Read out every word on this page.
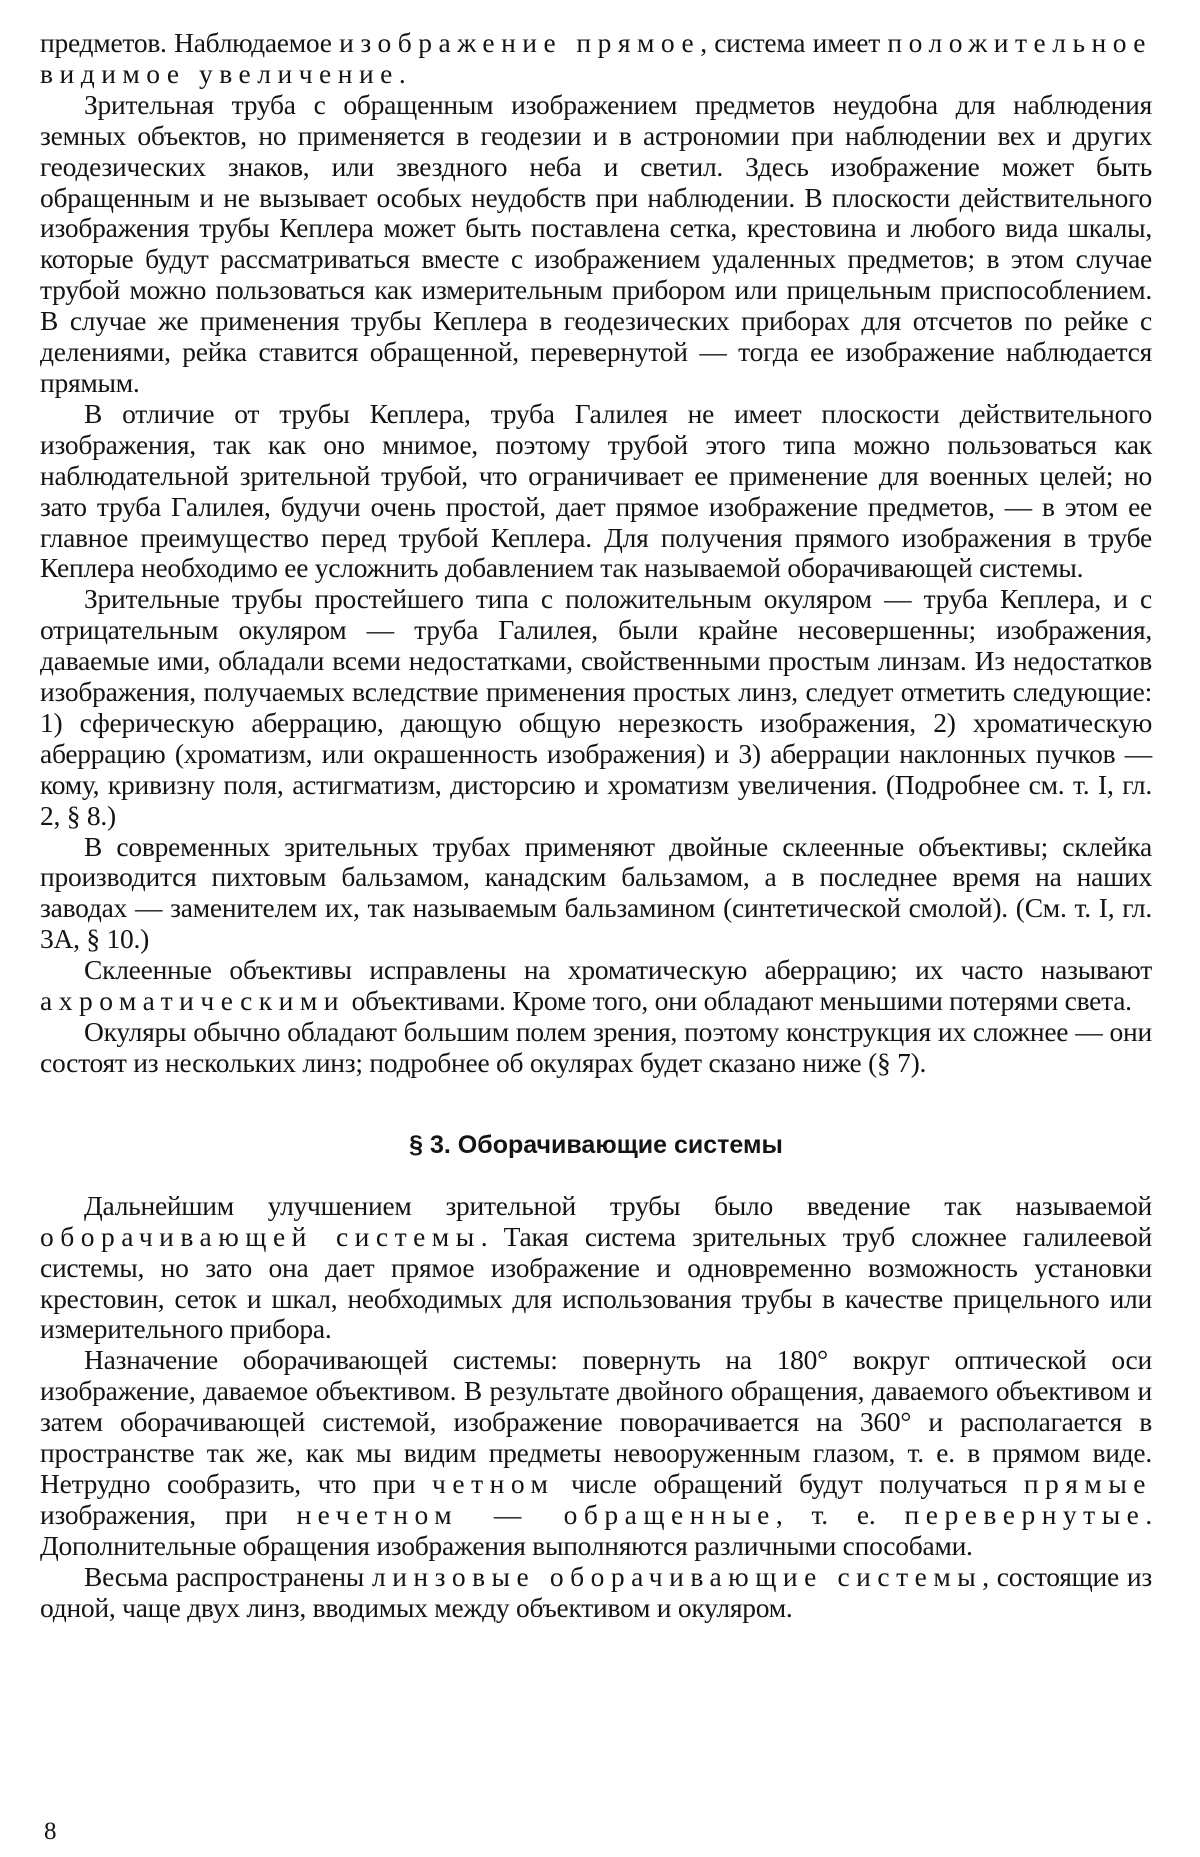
предметов. Наблюдаемое изображение прямое, система имеет положительное видимое увеличение.

Зрительная труба с обращенным изображением предметов неудобна для наблюдения земных объектов, но применяется в геодезии и в астрономии при наблюдении вех и других геодезических знаков, или звездного неба и светил. Здесь изображение может быть обращенным и не вызывает особых неудобств при наблюдении. В плоскости действительного изображения трубы Кеплера может быть поставлена сетка, крестовина и любого вида шкалы, которые будут рассматриваться вместе с изображением удаленных предметов; в этом случае трубой можно пользоваться как измерительным прибором или прицельным приспособлением. В случае же применения трубы Кеплера в геодезических приборах для отсчетов по рейке с делениями, рейка ставится обращенной, перевернутой — тогда ее изображение наблюдается прямым.

В отличие от трубы Кеплера, труба Галилея не имеет плоскости действительного изображения, так как оно мнимое, поэтому трубой этого типа можно пользоваться как наблюдательной зрительной трубой, что ограничивает ее применение для военных целей; но зато труба Галилея, будучи очень простой, дает прямое изображение предметов, — в этом ее главное преимущество перед трубой Кеплера. Для получения прямого изображения в трубе Кеплера необходимо ее усложнить добавлением так называемой оборачивающей системы.

Зрительные трубы простейшего типа с положительным окуляром — труба Кеплера, и с отрицательным окуляром — труба Галилея, были крайне несовершенны; изображения, даваемые ими, обладали всеми недостатками, свойственными простым линзам. Из недостатков изображения, получаемых вследствие применения простых линз, следует отметить следующие: 1) сферическую аберрацию, дающую общую нерезкость изображения, 2) хроматическую аберрацию (хроматизм, или окрашенность изображения) и 3) аберрации наклонных пучков — кому, кривизну поля, астигматизм, дисторсию и хроматизм увеличения. (Подробнее см. т. I, гл. 2, § 8.)

В современных зрительных трубах применяют двойные склеенные объективы; склейка производится пихтовым бальзамом, канадским бальзамом, а в последнее время на наших заводах — заменителем их, так называемым бальзамином (синтетической смолой). (См. т. I, гл. 3А, § 10.)

Склеенные объективы исправлены на хроматическую аберрацию; их часто называют ахроматическими объективами. Кроме того, они обладают меньшими потерями света.

Окуляры обычно обладают большим полем зрения, поэтому конструкция их сложнее — они состоят из нескольких линз; подробнее об окулярах будет сказано ниже (§ 7).

§ 3. Оборачивающие системы

Дальнейшим улучшением зрительной трубы было введение так называемой оборачивающей системы. Такая система зрительных труб сложнее галилеевой системы, но зато она дает прямое изображение и одновременно возможность установки крестовин, сеток и шкал, необходимых для использования трубы в качестве прицельного или измерительного прибора.

Назначение оборачивающей системы: повернуть на 180° вокруг оптической оси изображение, даваемое объективом. В результате двойного обращения, даваемого объективом и затем оборачивающей системой, изображение поворачивается на 360° и располагается в пространстве так же, как мы видим предметы невооруженным глазом, т. е. в прямом виде. Нетрудно сообразить, что при четном числе обращений будут получаться прямые изображения, при нечетном — обращенные, т. е. перевернутые. Дополнительные обращения изображения выполняются различными способами.

Весьма распространены линзовые оборачивающие системы, состоящие из одной, чаще двух линз, вводимых между объективом и окуляром.

8
